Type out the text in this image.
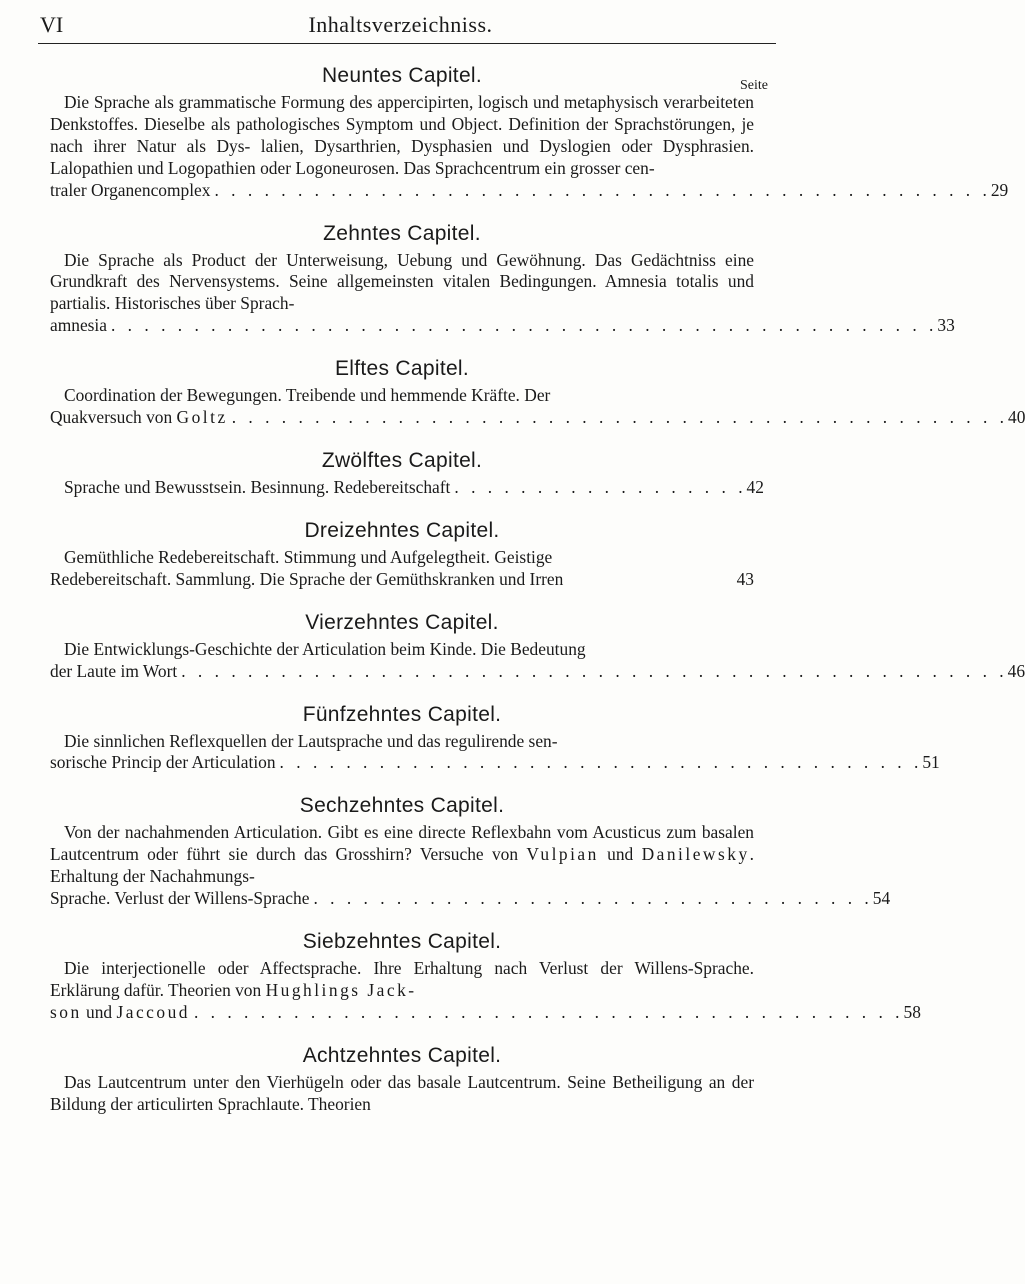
VI	Inhaltsverzeichniss.
Seite
Neuntes Capitel.

Die Sprache als grammatische Formung des appercipirten, logisch und metaphysisch verarbeiteten Denkstoffes. Dieselbe als pathologisches Symptom und Object. Definition der Sprachstörungen, je nach ihrer Natur als Dys- lalien, Dysarthrien, Dysphasien und Dyslogien oder Dysphrasien. Lalopathien und Logopathien oder Logoneurosen. Das Sprachcentrum ein grosser cen-

traler Organencomplex . . . . . . . . . . . . . . . . . . . . . . . . . . . . . . . . . . . . . . . . . . . . . . . 29
Zehntes Capitel.

Die Sprache als Product der Unterweisung, Uebung und Gewöhnung. Das Gedächtniss eine Grundkraft des Nervensystems. Seine allgemeinsten vitalen Bedingungen. Amnesia totalis und partialis. Historisches über Sprach-

amnesia . . . . . . . . . . . . . . . . . . . . . . . . . . . . . . . . . . . . . . . . . . . . . . . . . . 33
Elftes Capitel.

Coordination der Bewegungen. Treibende und hemmende Kräfte. Der

Quakversuch von Goltz . . . . . . . . . . . . . . . . . . . . . . . . . . . . . . . . . . . . . . . . . . . . . . . 40
Zwölftes Capitel.
Sprache und Bewusstsein. Besinnung. Redebereitschaft . . . . . . . . . . . . . . . . . . 42
Dreizehntes Capitel.

Gemüthliche Redebereitschaft. Stimmung und Aufgelegtheit. Geistige

Redebereitschaft. Sammlung. Die Sprache der Gemüthskranken und Irren	43
Vierzehntes Capitel.

Die Entwicklungs-Geschichte der Articulation beim Kinde. Die Bedeutung

der Laute im Wort . . . . . . . . . . . . . . . . . . . . . . . . . . . . . . . . . . . . . . . . . . . . . . . . . . 46
Fünfzehntes Capitel.

Die sinnlichen Reflexquellen der Lautsprache und das regulirende sen-

sorische Princip der Articulation . . . . . . . . . . . . . . . . . . . . . . . . . . . . . . . . . . . . . . . 51
Sechzehntes Capitel.

Von der nachahmenden Articulation. Gibt es eine directe Reflexbahn vom Acusticus zum basalen Lautcentrum oder führt sie durch das Grosshirn? Versuche von Vulpian und Danilewsky. Erhaltung der Nachahmungs-

Sprache. Verlust der Willens-Sprache . . . . . . . . . . . . . . . . . . . . . . . . . . . . . . . . . . 54
Siebzehntes Capitel.

Die interjectionelle oder Affectsprache. Ihre Erhaltung nach Verlust der Willens-Sprache. Erklärung dafür. Theorien von Hughlings Jack-

son und Jaccoud . . . . . . . . . . . . . . . . . . . . . . . . . . . . . . . . . . . . . . . . . . . 58
Achtzehntes Capitel.

Das Lautcentrum unter den Vierhügeln oder das basale Lautcentrum. Seine Betheiligung an der Bildung der articulirten Sprachlaute. Theorien
